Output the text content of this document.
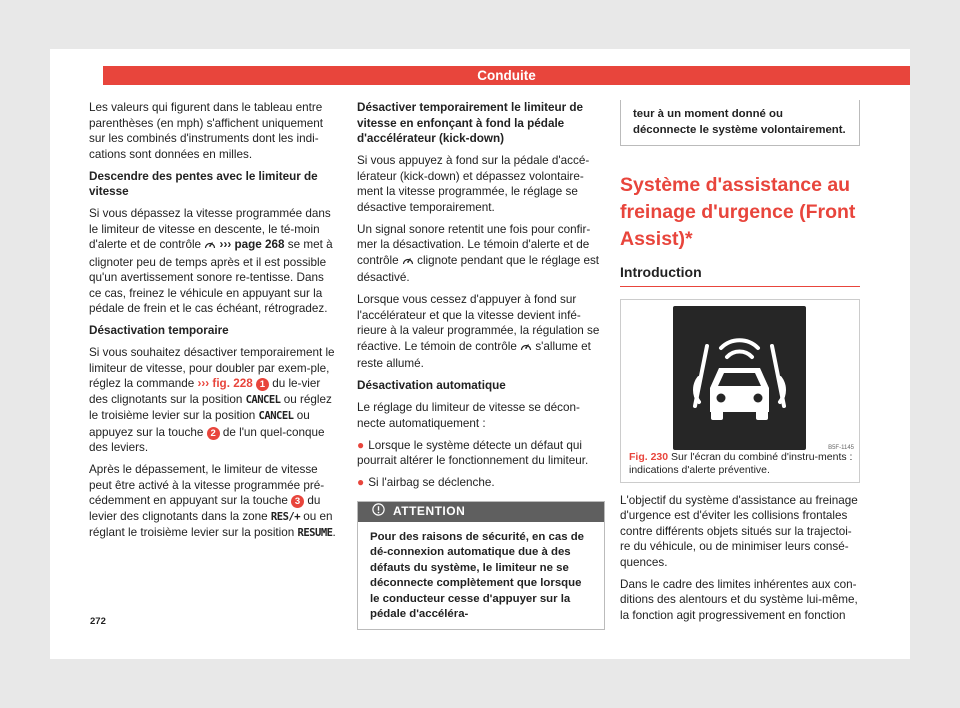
Conduite

Les valeurs qui figurent dans le tableau entre parenthèses (en mph) s'affichent uniquement sur les combinés d'instruments dont les indi-cations sont données en milles.

Descendre des pentes avec le limiteur de vitesse

Si vous dépassez la vitesse programmée dans le limiteur de vitesse en descente, le té-moin d'alerte et de contrôle ››› page 268 se met à clignoter peu de temps après et il est possible qu'un avertissement sonore re-tentisse. Dans ce cas, freinez le véhicule en appuyant sur la pédale de frein et le cas échéant, rétrogradez.

Désactivation temporaire

Si vous souhaitez désactiver temporairement le limiteur de vitesse, pour doubler par exem-ple, réglez la commande ››› fig. 228 1 du le-vier des clignotants sur la position CANCEL ou réglez le troisième levier sur la position CANCEL ou appuyez sur la touche 2 de l'un quel-conque des leviers.

Après le dépassement, le limiteur de vitesse peut être activé à la vitesse programmée pré-cédemment en appuyant sur la touche 3 du levier des clignotants dans la zone RES/+ ou en réglant le troisième levier sur la position RESUME.

Désactiver temporairement le limiteur de vitesse en enfonçant à fond la pédale d'accélérateur (kick-down)

Si vous appuyez à fond sur la pédale d'accé-lérateur (kick-down) et dépassez volontaire-ment la vitesse programmée, le réglage se désactive temporairement.

Un signal sonore retentit une fois pour confir-mer la désactivation. Le témoin d'alerte et de contrôle clignote pendant que le réglage est désactivé.

Lorsque vous cessez d'appuyer à fond sur l'accélérateur et que la vitesse devient infé-rieure à la valeur programmée, la régulation se réactive. Le témoin de contrôle s'allume et reste allumé.

Désactivation automatique

Le réglage du limiteur de vitesse se décon-necte automatiquement :

● Lorsque le système détecte un défaut qui pourrait altérer le fonctionnement du limiteur.

● Si l'airbag se déclenche.

ATTENTION
Pour des raisons de sécurité, en cas de dé-connexion automatique due à des défauts du système, le limiteur ne se déconnecte complètement que lorsque le conducteur cesse d'appuyer sur la pédale d'accéléra-
teur à un moment donné ou déconnecte le système volontairement.
Système d'assistance au freinage d'urgence (Front Assist)*
Introduction
B5F-1145
Fig. 230 Sur l'écran du combiné d'instru-ments : indications d'alerte préventive.

L'objectif du système d'assistance au freinage d'urgence est d'éviter les collisions frontales contre différents objets situés sur la trajectoi-re du véhicule, ou de minimiser leurs consé-quences.

Dans le cadre des limites inhérentes aux con-ditions des alentours et du système lui-même, la fonction agit progressivement en fonction

272
